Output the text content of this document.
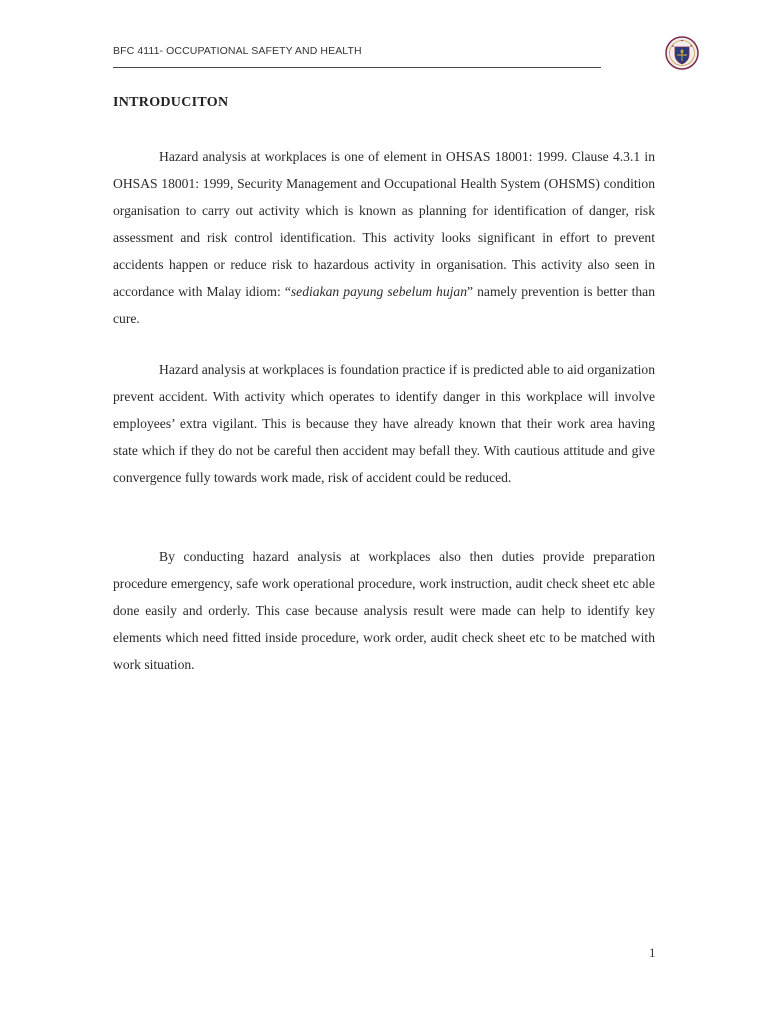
BFC 4111- OCCUPATIONAL SAFETY AND HEALTH
INTRODUCITON

Hazard analysis at workplaces is one of element in OHSAS 18001: 1999. Clause 4.3.1 in OHSAS 18001: 1999, Security Management and Occupational Health System (OHSMS) condition organisation to carry out activity which is known as planning for identification of danger, risk assessment and risk control identification. This activity looks significant in effort to prevent accidents happen or reduce risk to hazardous activity in organisation. This activity also seen in accordance with Malay idiom: “sediakan payung sebelum hujan” namely prevention is better than cure.

Hazard analysis at workplaces is foundation practice if is predicted able to aid organization prevent accident. With activity which operates to identify danger in this workplace will involve employees’ extra vigilant. This is because they have already known that their work area having state which if they do not be careful then accident may befall they. With cautious attitude and give convergence fully towards work made, risk of accident could be reduced.

By conducting hazard analysis at workplaces also then duties provide preparation procedure emergency, safe work operational procedure, work instruction, audit check sheet etc able done easily and orderly. This case because analysis result were made can help to identify key elements which need fitted inside procedure, work order, audit check sheet etc to be matched with work situation.

1
